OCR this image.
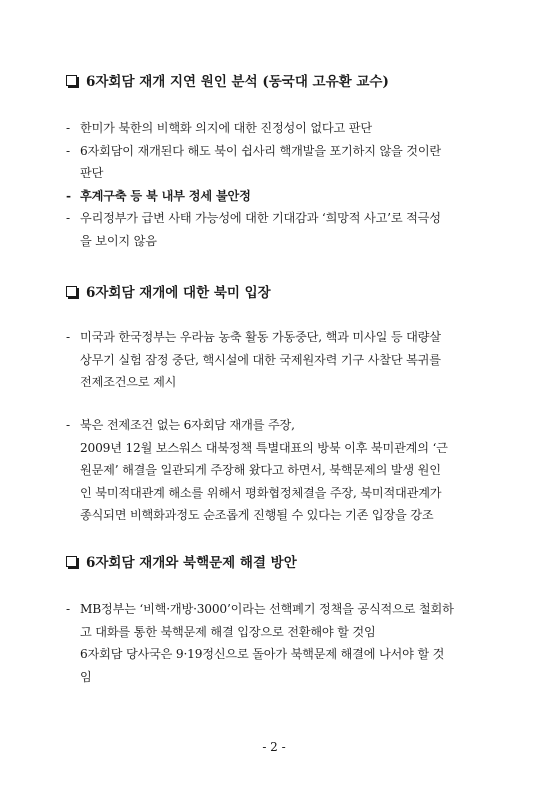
6자회담 재개 지연 원인 분석 (동국대 고유환 교수)

- 한미가 북한의 비핵화 의지에 대한 진정성이 없다고 판단

- 6자회담이 재개된다 해도 북이 쉽사리 핵개발을 포기하지 않을 것이란

판단

- 후계구축 등 북 내부 정세 불안정

- 우리정부가 급변 사태 가능성에 대한 기대감과 ‘희망적 사고’로 적극성

을 보이지 않음

6자회담 재개에 대한 북미 입장

- 미국과 한국정부는 우라늄 농축 활동 가동중단, 핵과 미사일 등 대량살

상무기 실험 잠정 중단, 핵시설에 대한 국제원자력 기구 사찰단 복귀를

전제조건으로 제시

- 북은 전제조건 없는 6자회담 재개를 주장,

2009년 12월 보스워스 대북정책 특별대표의 방북 이후 북미관계의 ‘근

원문제’ 해결을 일관되게 주장해 왔다고 하면서, 북핵문제의 발생 원인

인 북미적대관계 해소를 위해서 평화협정체결을 주장, 북미적대관계가

종식되면 비핵화과정도 순조롭게 진행될 수 있다는 기존 입장을 강조

6자회담 재개와 북핵문제 해결 방안

- MB정부는 ‘비핵·개방·3000’이라는 선핵폐기 정책을 공식적으로 철회하

고 대화를 통한 북핵문제 해결 입장으로 전환해야 할 것임

6자회담 당사국은 9·19정신으로 돌아가 북핵문제 해결에 나서야 할 것

임

- 2 -
